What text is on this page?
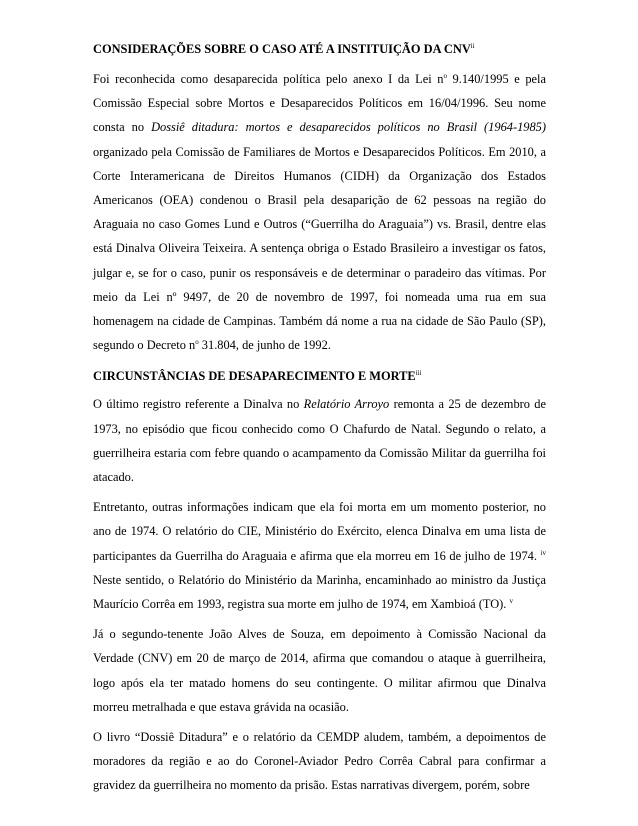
CONSIDERAÇÕES SOBRE O CASO ATÉ A INSTITUIÇÃO DA CNV$^{ii}$

Foi reconhecida como desaparecida política pelo anexo I da Lei $n^o$ 9.140/1995 e pela Comissão Especial sobre Mortos e Desaparecidos Políticos em 16/04/1996. Seu nome consta no Dossiê ditadura: mortos e desaparecidos políticos no Brasil (1964-1985) organizado pela Comissão de Familiares de Mortos e Desaparecidos Políticos. Em 2010, a Corte Interamericana de Direitos Humanos (CIDH) da Organização dos Estados Americanos (OEA) condenou o Brasil pela desaparição de 62 pessoas na região do Araguaia no caso Gomes Lund e Outros (“Guerrilha do Araguaia”) vs. Brasil, dentre elas está Dinalva Oliveira Teixeira. A sentença obriga o Estado Brasileiro a investigar os fatos, julgar e, se for o caso, punir os responsáveis e de determinar o paradeiro das vítimas. Por meio da Lei nº 9497, de 20 de novembro de 1997, foi nomeada uma rua em sua homenagem na cidade de Campinas. Também dá nome a rua na cidade de São Paulo (SP), segundo o Decreto $n^o$ 31.804, de junho de 1992.

CIRCUNSTÂNCIAS DE DESAPARECIMENTO E MORTE$^{iii}$

O último registro referente a Dinalva no Relatório Arroyo remonta a 25 de dezembro de 1973, no episódio que ficou conhecido como O Chafurdo de Natal. Segundo o relato, a guerrilheira estaria com febre quando o acampamento da Comissão Militar da guerrilha foi atacado.

Entretanto, outras informações indicam que ela foi morta em um momento posterior, no ano de 1974. O relatório do CIE, Ministério do Exército, elenca Dinalva em uma lista de participantes da Guerrilha do Araguaia e afirma que ela morreu em 16 de julho de 1974. $^{iv}$ Neste sentido, o Relatório do Ministério da Marinha, encaminhado ao ministro da Justiça Maurício Corrêa em 1993, registra sua morte em julho de 1974, em Xambioá (TO). $^v$

Já o segundo-tenente João Alves de Souza, em depoimento à Comissão Nacional da Verdade (CNV) em 20 de março de 2014, afirma que comandou o ataque à guerrilheira, logo após ela ter matado homens do seu contingente. O militar afirmou que Dinalva morreu metralhada e que estava grávida na ocasião.

O livro “Dossiê Ditadura” e o relatório da CEMDP aludem, também, a depoimentos de moradores da região e ao do Coronel-Aviador Pedro Corrêa Cabral para confirmar a gravidez da guerrilheira no momento da prisão. Estas narrativas divergem, porém, sobre
